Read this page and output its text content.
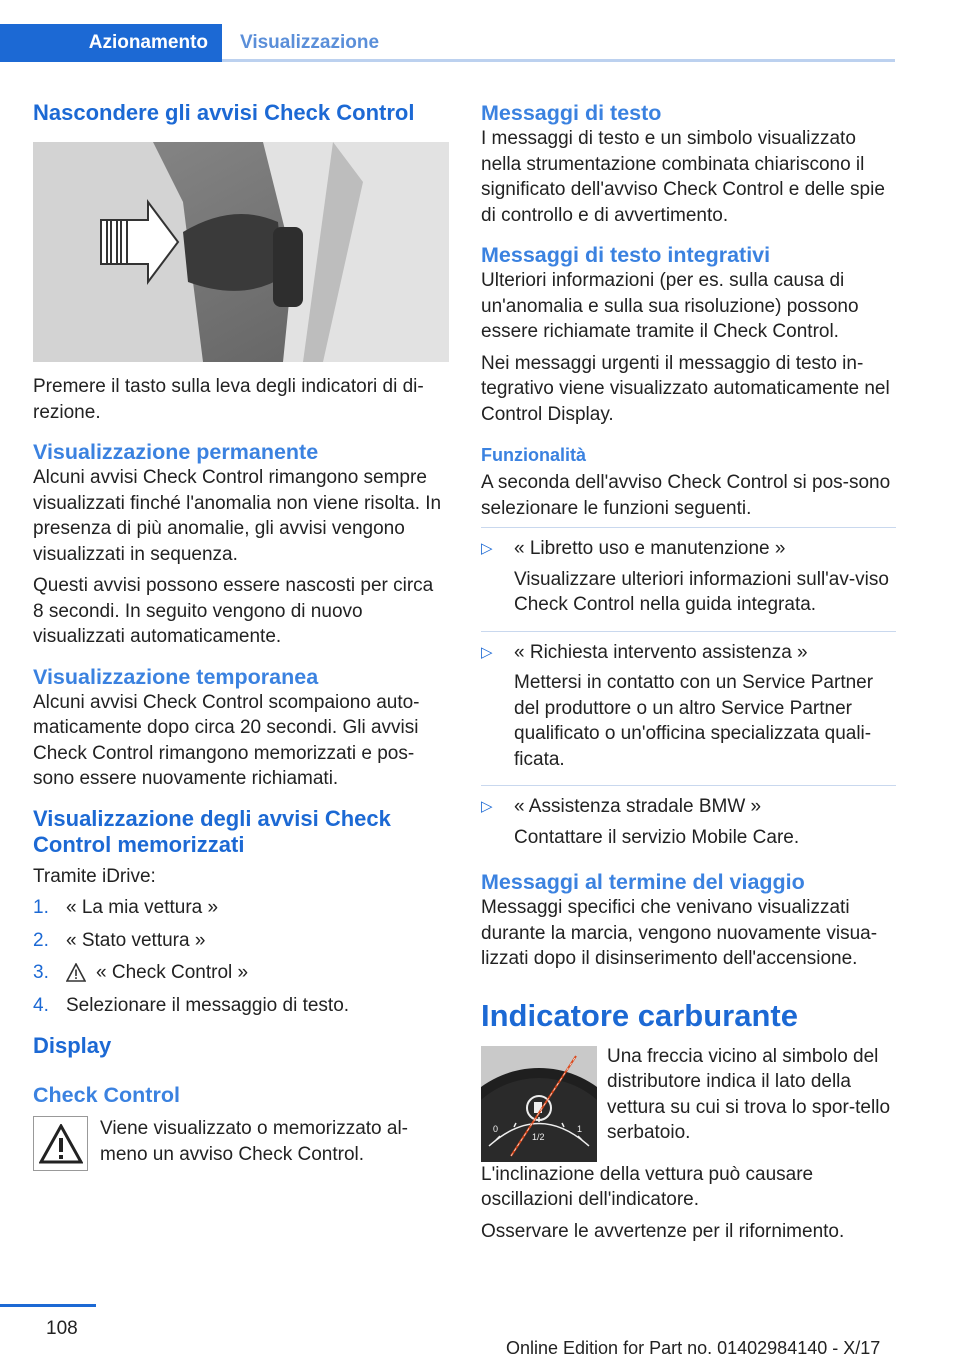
Azionamento	Visualizzazione
Nascondere gli avvisi Check Control

Premere il tasto sulla leva degli indicatori di di-rezione.

Visualizzazione permanente

Alcuni avvisi Check Control rimangono sempre visualizzati finché l'anomalia non viene risolta. In presenza di più anomalie, gli avvisi vengono visualizzati in sequenza.

Questi avvisi possono essere nascosti per circa 8 secondi. In seguito vengono di nuovo visualizzati automaticamente.

Visualizzazione temporanea

Alcuni avvisi Check Control scompaiono auto-maticamente dopo circa 20 secondi. Gli avvisi Check Control rimangono memorizzati e pos-sono essere nuovamente richiamati.

Visualizzazione degli avvisi Check Control memorizzati

Tramite iDrive:

1. « La mia vettura »
2. « Stato vettura »
3.	« Check Control »
4. Selezionare il messaggio di testo.
Display
Check Control

Viene visualizzato o memorizzato al-meno un avviso Check Control.

Messaggi di testo

I messaggi di testo e un simbolo visualizzato nella strumentazione combinata chiariscono il significato dell'avviso Check Control e delle spie di controllo e di avvertimento.

Messaggi di testo integrativi

Ulteriori informazioni (per es. sulla causa di un'anomalia e sulla sua risoluzione) possono essere richiamate tramite il Check Control.

Nei messaggi urgenti il messaggio di testo in-tegrativo viene visualizzato automaticamente nel Control Display.

Funzionalità

A seconda dell'avviso Check Control si pos-sono selezionare le funzioni seguenti.

▷	« Libretto uso e manutenzione »

Visualizzare ulteriori informazioni sull'av-viso Check Control nella guida integrata.

▷	« Richiesta intervento assistenza »

Mettersi in contatto con un Service Partner del produttore o un altro Service Partner qualificato o un'officina specializzata quali-ficata.

▷	« Assistenza stradale BMW »

Contattare il servizio Mobile Care.

Messaggi al termine del viaggio

Messaggi specifici che venivano visualizzati durante la marcia, vengono nuovamente visua-lizzati dopo il disinserimento dell'accensione.

Indicatore carburante
0
1/2
1

Una freccia vicino al simbolo del distributore indica il lato della vettura su cui si trova lo spor-tello serbatoio.

L'inclinazione della vettura può causare oscillazioni dell'indicatore.

Osservare le avvertenze per il rifornimento.

108
Online Edition for Part no. 01402984140 - X/17
